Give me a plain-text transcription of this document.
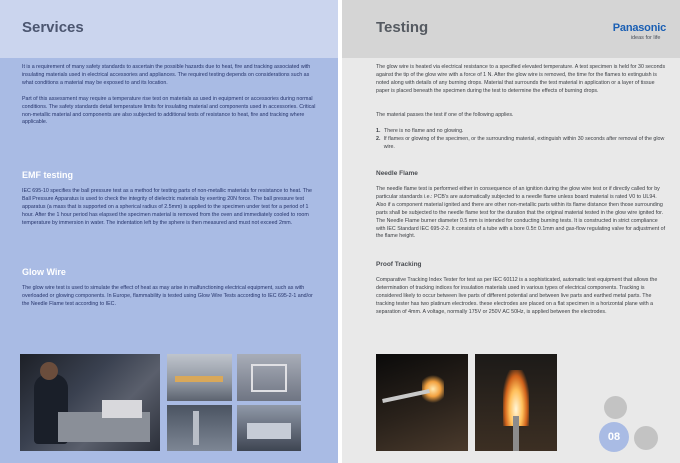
Services

It is a requirement of many safety standards to ascertain the possible hazards due to heat, fire and tracking associated with insulating materials used in electrical accessories and appliances. The required testing depends on considerations such as what conditions a material may be exposed to and its location.

Part of this assessment may require a temperature rise test on materials as used in equipment or accessories during normal conditions. The safety standards detail temperature limits for insulating material and components used in accessories. Critical non-metallic material and components are also subjected to additional tests of resistance to heat, fire and tracking where applicable.

EMF testing

IEC 695-10 specifies the ball pressure test as a method for testing parts of non-metallic materials for resistance to heat. The Ball Pressure Apparatus is used to check the integrity of dielectric materials by exerting 20N force. The ball pressure test apparatus (a mass that is supported on a spherical radius of 2.5mm) is applied to the specimen under test for a period of 1 hour. After the 1 hour period has elapsed the specimen material is removed from the oven and immediately cooled to room temperature by immersion in water. The indentation left by the sphere is then measured and must not exceed 2mm.

Glow Wire

The glow wire test is used to simulate the effect of heat as may arise in malfunctioning electrical equipment, such as with overloaded or glowing components. In Europe, flammability is tested using Glow Wire Tests according to IEC 695-2-1 and/or the Needle Flame test according to IEC.

Testing	Panasonic
ideas for life

The glow wire is heated via electrical resistance to a specified elevated temperature. A test specimen is held for 30 seconds against the tip of the glow wire with a force of 1 N. After the glow wire is removed, the time for the flames to extinguish is noted along with details of any burning drops. Material that surrounds the test material in application or a layer of tissue paper is placed beneath the specimen during the test to determine the effects of burning drops.

The material passes the test if one of the following applies.

1. There is no flame and no glowing.
2. If flames or glowing of the specimen, or the surrounding material, extinguish within 30 seconds after removal of the glow wire.
Needle Flame

The needle flame test is performed either in consequence of an ignition during the glow wire test or if directly called for by particular standards i.e.: PCB's are automatically subjected to a needle flame unless board material is rated V0 to UL94. Also if a component material ignited and there are other non-metallic parts within its flame distance then those surrounding parts shall be subjected to the needle flame test for the duration that the original material tested in the glow wire ignited for. The Needle Flame burner diameter 0.5 mm is intended for conducting burning tests. It is constructed in strict compliance with IEC Standard IEC 695-2-2. It consists of a tube with a bore 0.5± 0.1mm and gas-flow regulating valve for adjustment of the flame height.

Proof Tracking

Comparative Tracking Index Tester for test as per IEC 60112 is a sophisticated, automatic test equipment that allows the determination of tracking indices for insulation materials used in various types of electrical components. Tracking is considered likely to occur between live parts of different potential and between live parts and earthed metal parts. The tracking tester has two platinum electrodes. these electrodes are placed on a flat specimen in a horizontal plane with a separation of 4mm. A voltage, normally 175V or 250V AC 50Hz, is applied between the electrodes.

08
